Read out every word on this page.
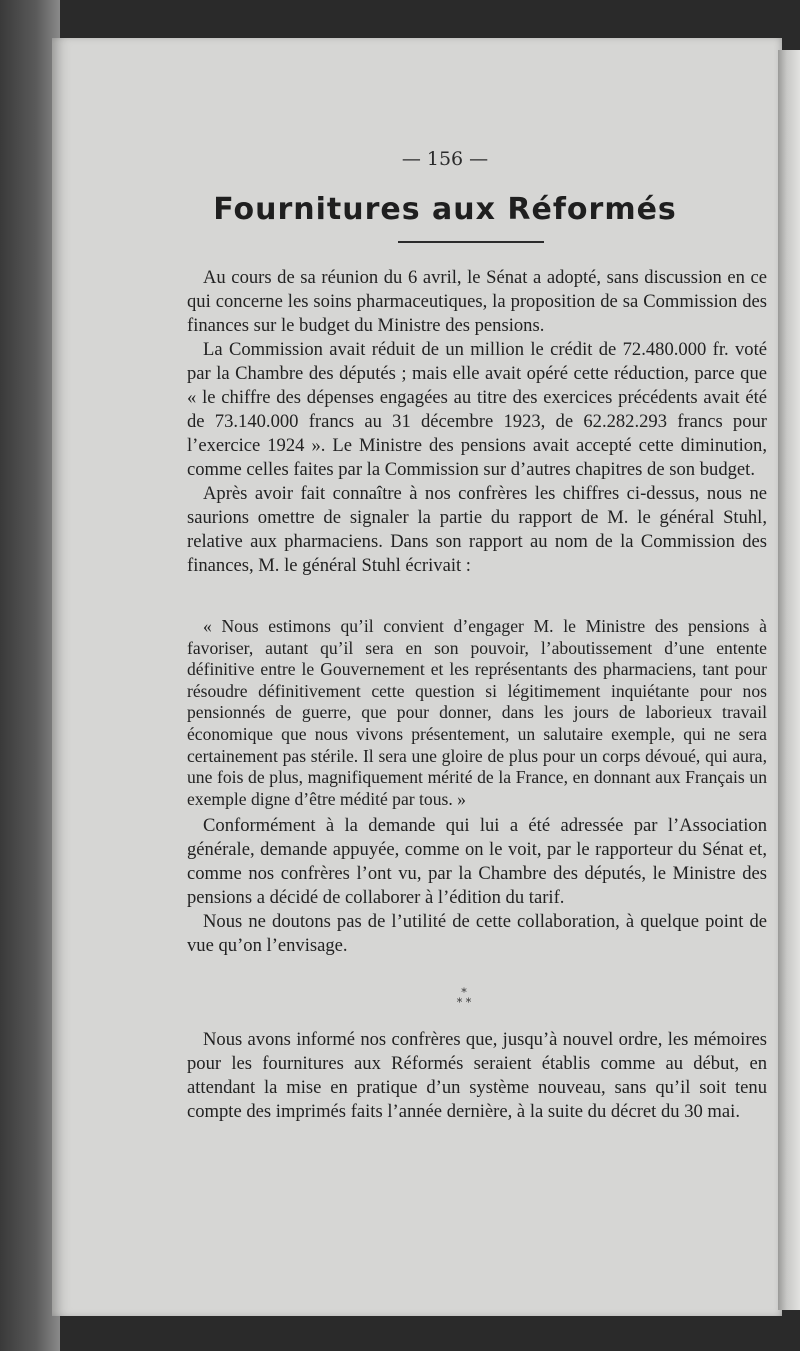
— 156 —
Fournitures aux Réformés

Au cours de sa réunion du 6 avril, le Sénat a adopté, sans discussion en ce qui concerne les soins pharmaceutiques, la proposition de sa Commission des finances sur le budget du Ministre des pensions.

La Commission avait réduit de un million le crédit de 72.480.000 fr. voté par la Chambre des députés ; mais elle avait opéré cette réduction, parce que « le chiffre des dépenses engagées au titre des exercices précédents avait été de 73.140.000 francs au 31 décembre 1923, de 62.282.293 francs pour l’exercice 1924 ». Le Ministre des pensions avait accepté cette diminution, comme celles faites par la Commission sur d’autres chapitres de son budget.

Après avoir fait connaître à nos confrères les chiffres ci-dessus, nous ne saurions omettre de signaler la partie du rapport de M. le général Stuhl, relative aux pharmaciens. Dans son rapport au nom de la Commission des finances, M. le général Stuhl écrivait :

« Nous estimons qu’il convient d’engager M. le Ministre des pensions à favoriser, autant qu’il sera en son pouvoir, l’aboutissement d’une entente définitive entre le Gouvernement et les représentants des pharmaciens, tant pour résoudre définitivement cette question si légitimement inquiétante pour nos pensionnés de guerre, que pour donner, dans les jours de laborieux travail économique que nous vivons présentement, un salutaire exemple, qui ne sera certainement pas stérile. Il sera une gloire de plus pour un corps dévoué, qui aura, une fois de plus, magnifiquement mérité de la France, en donnant aux Français un exemple digne d’être médité par tous. »

Conformément à la demande qui lui a été adressée par l’Association générale, demande appuyée, comme on le voit, par le rapporteur du Sénat et, comme nos confrères l’ont vu, par la Chambre des députés, le Ministre des pensions a décidé de collaborer à l’édition du tarif.

Nous ne doutons pas de l’utilité de cette collaboration, à quelque point de vue qu’on l’envisage.

*
* *

Nous avons informé nos confrères que, jusqu’à nouvel ordre, les mémoires pour les fournitures aux Réformés seraient établis comme au début, en attendant la mise en pratique d’un système nouveau, sans qu’il soit tenu compte des imprimés faits l’année dernière, à la suite du décret du 30 mai.
